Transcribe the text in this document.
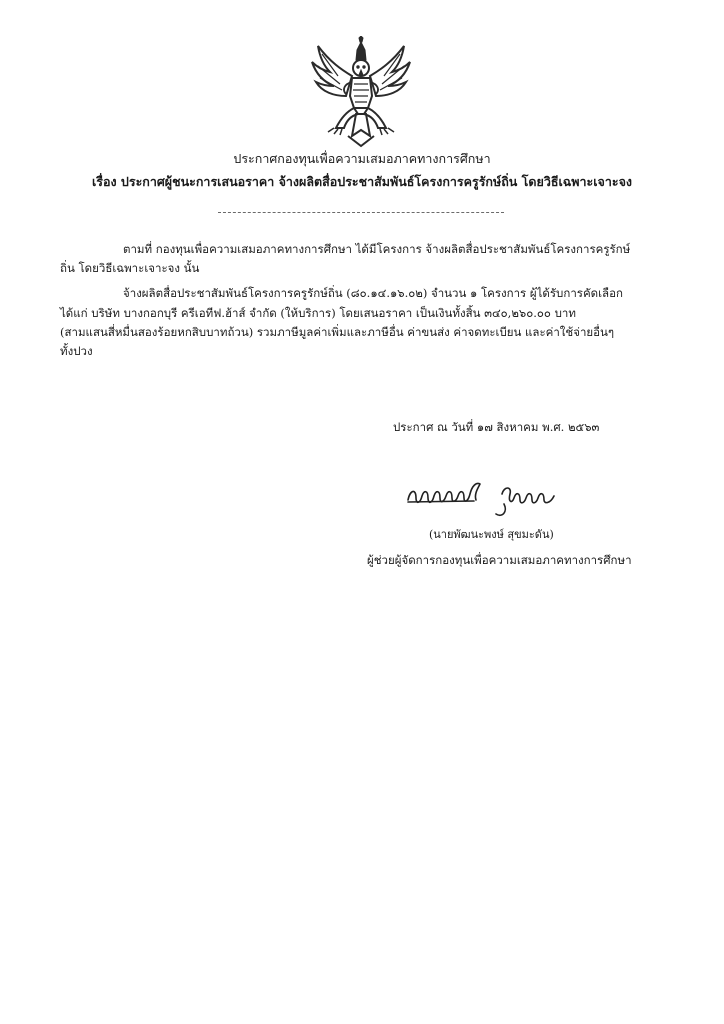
ประกาศกองทุนเพื่อความเสมอภาคทางการศึกษา
เรื่อง ประกาศผู้ชนะการเสนอราคา จ้างผลิตสื่อประชาสัมพันธ์โครงการครูรักษ์ถิ่น โดยวิธีเฉพาะเจาะจง
ตามที่ กองทุนเพื่อความเสมอภาคทางการศึกษา ได้มีโครงการ จ้างผลิตสื่อประชาสัมพันธ์โครงการครูรักษ์
ถิ่น โดยวิธีเฉพาะเจาะจง นั้น
จ้างผลิตสื่อประชาสัมพันธ์โครงการครูรักษ์ถิ่น (๘๐.๑๔.๑๖.๐๒) จำนวน ๑ โครงการ ผู้ได้รับการคัดเลือก
ได้แก่ บริษัท บางกอกบุรี ครีเอทีฟ.ฮ้าส์ จำกัด (ให้บริการ) โดยเสนอราคา เป็นเงินทั้งสิ้น ๓๔๐,๒๖๐.๐๐ บาท
(สามแสนสี่หมื่นสองร้อยหกสิบบาทถ้วน) รวมภาษีมูลค่าเพิ่มและภาษีอื่น ค่าขนส่ง ค่าจดทะเบียน และค่าใช้จ่ายอื่นๆ
ทั้งปวง
ประกาศ ณ วันที่ ๑๗ สิงหาคม พ.ศ. ๒๕๖๓
(นายพัฒนะพงษ์ สุขมะดัน)
ผู้ช่วยผู้จัดการกองทุนเพื่อความเสมอภาคทางการศึกษา
